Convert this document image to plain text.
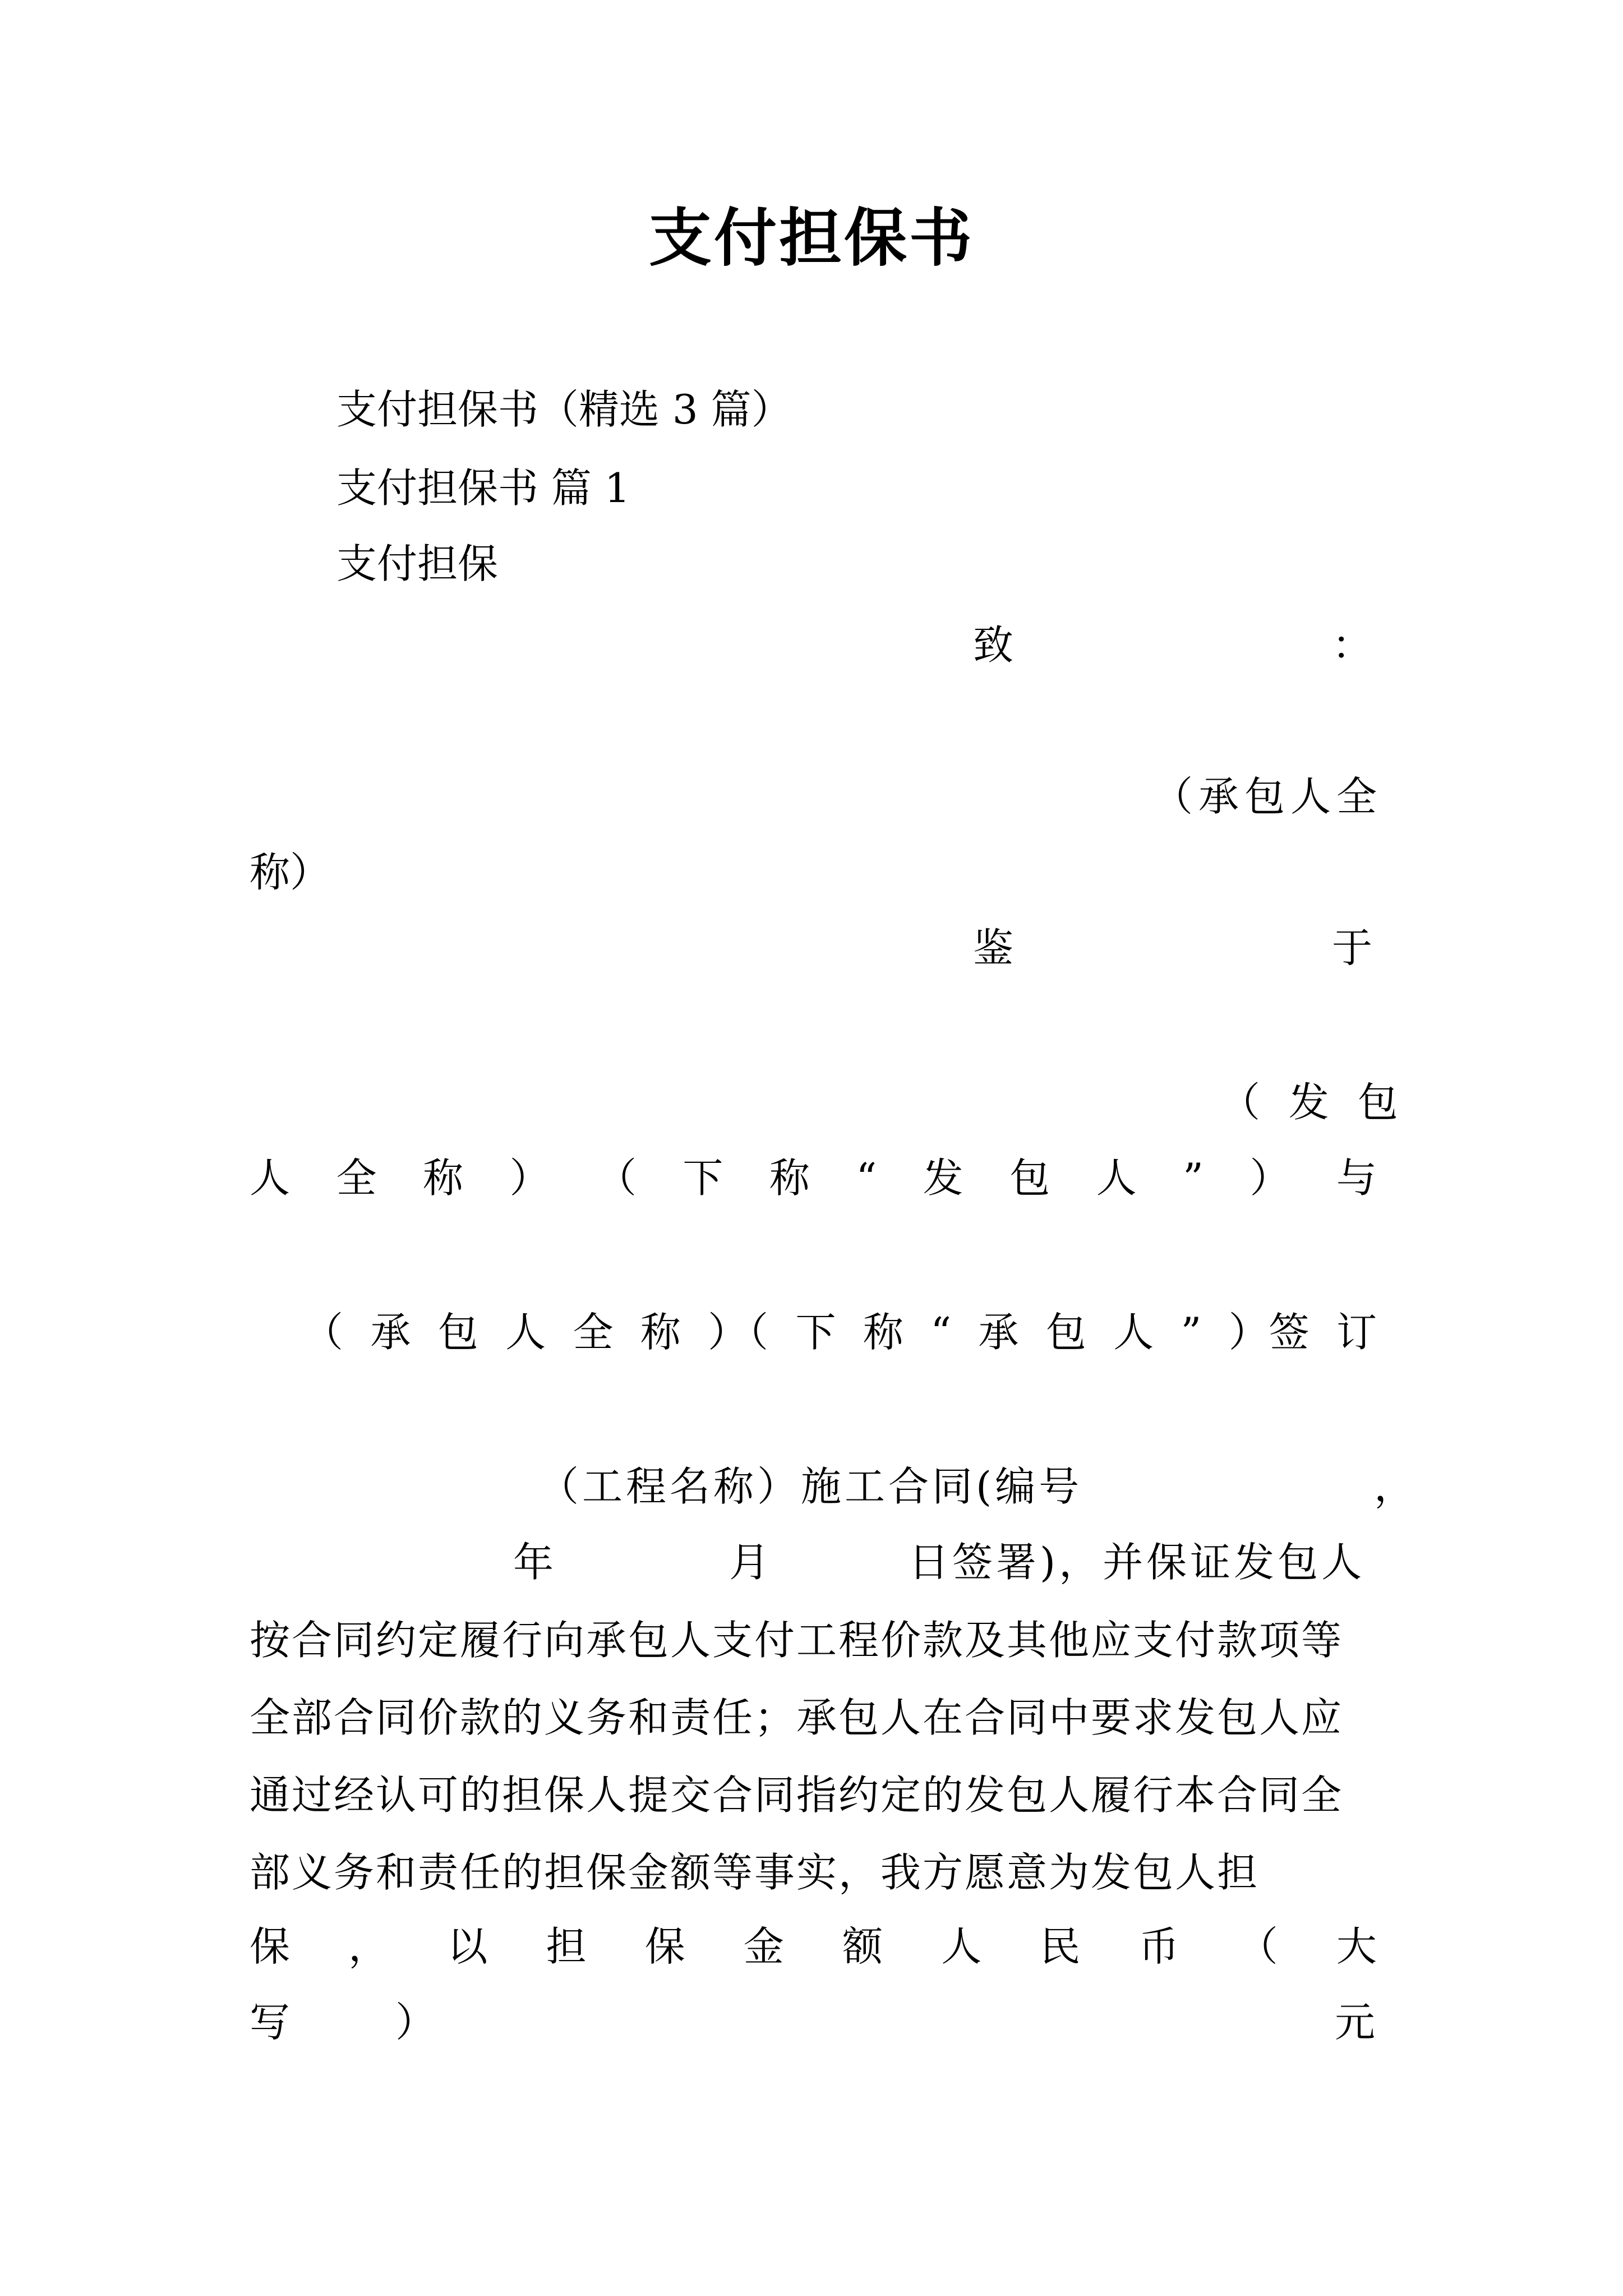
支付担保书
支付担保书（精选 3 篇）
支付担保书 篇 1
支付担保
致	：
（承包人全
称）
鉴	于
（ 发 包
人 全 称 ） （ 下 称 “ 发 包 人 ” ） 与
（ 承 包 人 全 称 ）（ 下 称 “ 承 包 人 ” ）签 订
（工程名称）施工合同(编号	，
年	月	日签署)，并保证发包人
按合同约定履行向承包人支付工程价款及其他应支付款项等全部合同价款的义务和责任；承包人在合同中要求发包人应通过经认可的担保人提交合同指约定的发包人履行本合同全部义务和责任的担保金额等事实，我方愿意为发包人担
保 ， 以 担 保 金 额 人 民 币 （ 大
写	）	元
